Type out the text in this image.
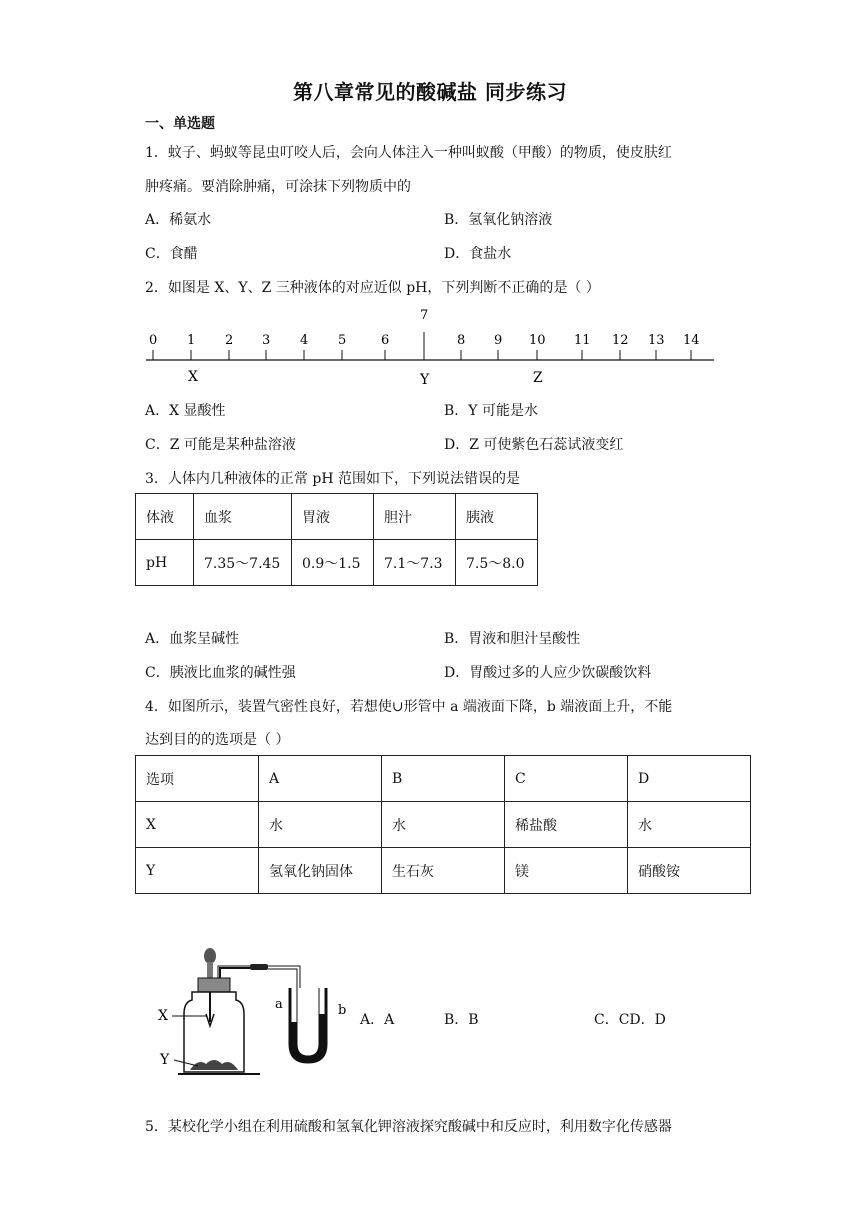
第八章常见的酸碱盐 同步练习
一、单选题
1．蚊子、蚂蚁等昆虫叮咬人后，会向人体注入一种叫蚁酸（甲酸）的物质，使皮肤红
肿疼痛。要消除肿痛，可涂抹下列物质中的
A．稀氨水	B．氢氧化钠溶液
C．食醋	D．食盐水
2．如图是 X、Y、Z 三种液体的对应近似 pH，下列判断不正确的是（ ）
0 1 2 3 4 5	6
7
8 9 10 11 12 13 14
X	Y	Z
A．X 显酸性	B．Y 可能是水
C．Z 可能是某种盐溶液	D．Z 可使紫色石蕊试液变红
3．人体内几种液体的正常 pH 范围如下，下列说法错误的是
体液	血浆	胃液	胆汁	胰液
pH	7.35～7.45	0.9～1.5	7.1～7.3	7.5～8.0
A．血浆呈碱性	B．胃液和胆汁呈酸性
C．胰液比血浆的碱性强	D．胃酸过多的人应少饮碳酸饮料
4．如图所示，装置气密性良好，若想使∪形管中 a 端液面下降，b 端液面上升，不能
达到目的的选项是（ ）
选项	A	B	C	D
X	水	水	稀盐酸	水
Y	氢氧化钠固体	生石灰	镁	硝酸铵
a	b
X
Y
A．A	B．B	C．CD．D
5．某校化学小组在利用硫酸和氢氧化钾溶液探究酸碱中和反应时，利用数字化传感器
